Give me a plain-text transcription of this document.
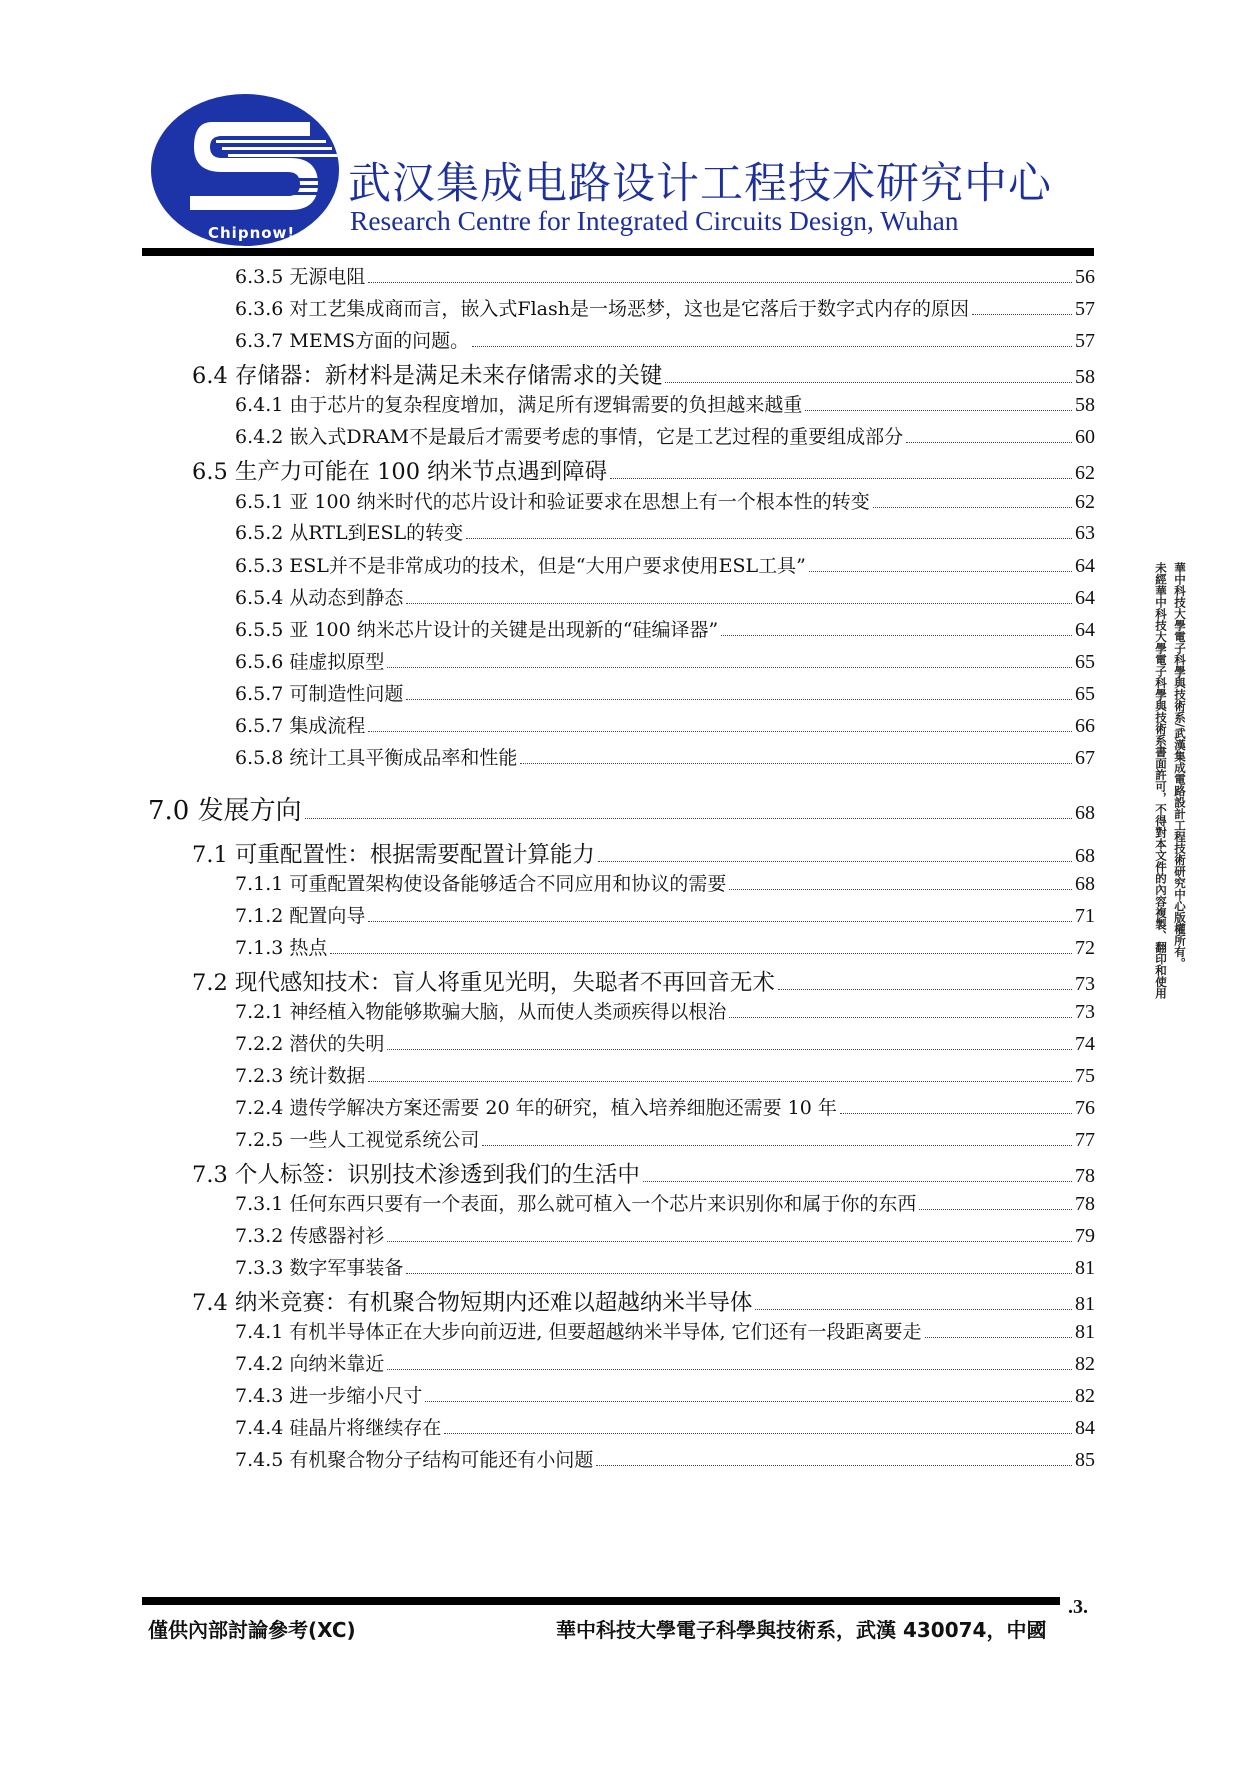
Chipnow!
武汉集成电路设计工程技术研究中心
Research Centre for Integrated Circuits Design, Wuhan
6.3.5 无源电阻	56
6.3.6 对工艺集成商而言，嵌入式Flash是一场恶梦，这也是它落后于数字式内存的原因	57
6.3.7 MEMS方面的问题。	57
6.4 存储器：新材料是满足未来存储需求的关键	58
6.4.1 由于芯片的复杂程度增加，满足所有逻辑需要的负担越来越重	58
6.4.2 嵌入式DRAM不是最后才需要考虑的事情，它是工艺过程的重要组成部分	60
6.5 生产力可能在 100 纳米节点遇到障碍	62
6.5.1 亚 100 纳米时代的芯片设计和验证要求在思想上有一个根本性的转变	62
6.5.2 从RTL到ESL的转变	63
6.5.3 ESL并不是非常成功的技术，但是“大用户要求使用ESL工具”	64
6.5.4 从动态到静态	64
6.5.5 亚 100 纳米芯片设计的关键是出现新的“硅编译器”	64
6.5.6 硅虚拟原型	65
6.5.7 可制造性问题	65
6.5.7 集成流程	66
6.5.8 统计工具平衡成品率和性能	67
7.0 发展方向	68
7.1 可重配置性：根据需要配置计算能力	68
7.1.1 可重配置架构使设备能够适合不同应用和协议的需要	68
7.1.2 配置向导	71
7.1.3 热点	72
7.2 现代感知技术：盲人将重见光明，失聪者不再回音无术	73
7.2.1 神经植入物能够欺骗大脑，从而使人类顽疾得以根治	73
7.2.2 潜伏的失明	74
7.2.3 统计数据	75
7.2.4 遗传学解决方案还需要 20 年的研究，植入培养细胞还需要 10 年	76
7.2.5 一些人工视觉系统公司	77
7.3 个人标签：识别技术渗透到我们的生活中	78
7.3.1 任何东西只要有一个表面，那么就可植入一个芯片来识别你和属于你的东西	78
7.3.2 传感器衬衫	79
7.3.3 数字军事装备	81
7.4 纳米竞赛：有机聚合物短期内还难以超越纳米半导体	81
7.4.1 有机半导体正在大步向前迈进, 但要超越纳米半导体, 它们还有一段距离要走	81
7.4.2 向纳米靠近	82
7.4.3 进一步缩小尺寸	82
7.4.4 硅晶片将继续存在	84
7.4.5 有机聚合物分子结构可能还有小问题	85
華中科技大學電子科學與技術系/武漢集成電路設計工程技術研究中心版權所有。
未經華中科技大學電子科學與技術系書面許可，不得對本文件的內容複製、翻印和使用
.3.
僅供內部討論參考(XC)	華中科技大學電子科學與技術系，武漢 430074，中國
